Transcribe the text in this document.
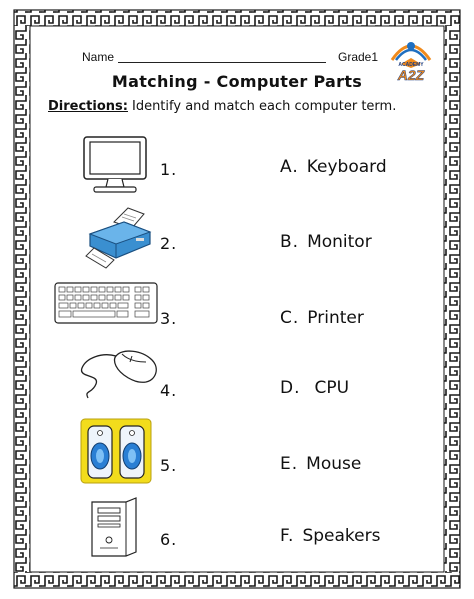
Name	Grade1
ACADEMY
A2Z
Matching - Computer Parts
Directions: Identify and match each computer term.
1.
2.
3.
4.
5.
6.
A. Keyboard
B. Monitor
C. Printer
D. CPU
E. Mouse
F. Speakers
